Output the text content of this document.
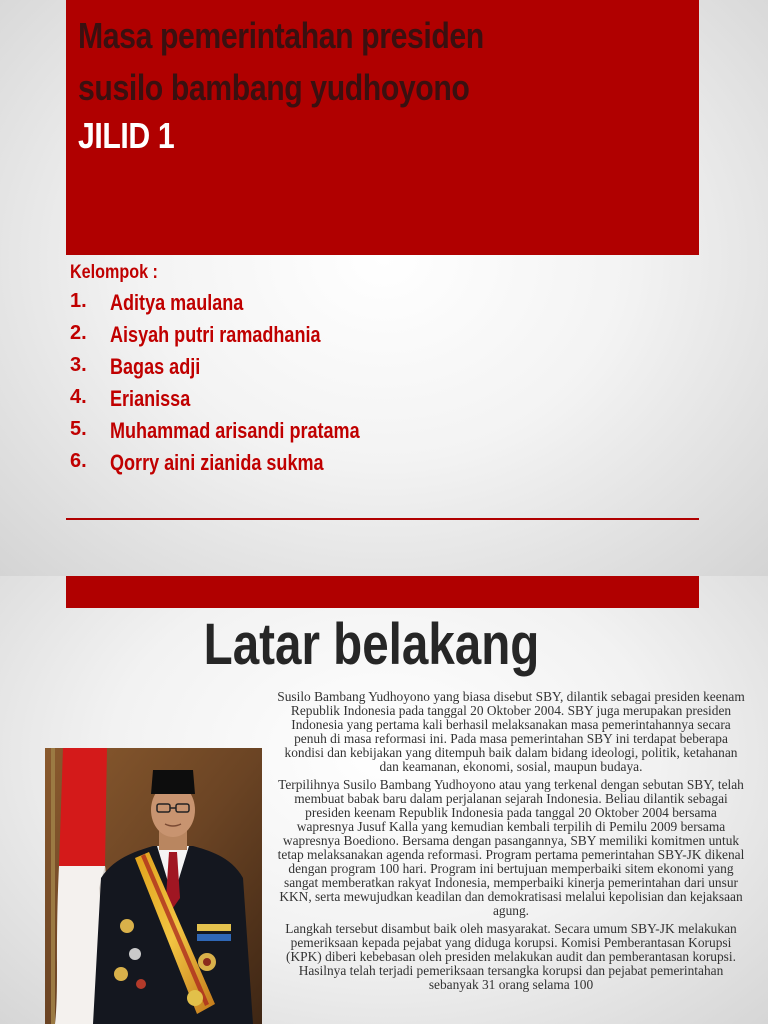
Masa pemerintahan presiden
susilo bambang yudhoyono
JILID 1
Kelompok :
1. Aditya maulana
2. Aisyah putri ramadhania
3. Bagas adji
4. Erianissa
5. Muhammad arisandi pratama
6. Qorry aini zianida sukma
Latar belakang

Susilo Bambang Yudhoyono yang biasa disebut SBY, dilantik sebagai presiden keenam Republik Indonesia pada tanggal 20 Oktober 2004. SBY juga merupakan presiden Indonesia yang pertama kali berhasil melaksanakan masa pemerintahannya secara penuh di masa reformasi ini. Pada masa pemerintahan SBY ini terdapat beberapa kondisi dan kebijakan yang ditempuh baik dalam bidang ideologi, politik, ketahanan dan keamanan, ekonomi, sosial, maupun budaya.

Terpilihnya Susilo Bambang Yudhoyono atau yang terkenal dengan sebutan SBY, telah membuat babak baru dalam perjalanan sejarah Indonesia. Beliau dilantik sebagai presiden keenam Republik Indonesia pada tanggal 20 Oktober 2004 bersama wapresnya Jusuf Kalla yang kemudian kembali terpilih di Pemilu 2009 bersama wapresnya Boediono. Bersama dengan pasangannya, SBY memiliki komitmen untuk tetap melaksanakan agenda reformasi. Program pertama pemerintahan SBY-JK dikenal dengan program 100 hari. Program ini bertujuan memperbaiki sitem ekonomi yang sangat memberatkan rakyat Indonesia, memperbaiki kinerja pemerintahan dari unsur KKN, serta mewujudkan keadilan dan demokratisasi melalui kepolisian dan kejaksaan agung.

Langkah tersebut disambut baik oleh masyarakat. Secara umum SBY-JK melakukan pemeriksaan kepada pejabat yang diduga korupsi. Komisi Pemberantasan Korupsi (KPK) diberi kebebasan oleh presiden melakukan audit dan pemberantasan korupsi. Hasilnya telah terjadi pemeriksaan tersangka korupsi dan pejabat pemerintahan sebanyak 31 orang selama 100
